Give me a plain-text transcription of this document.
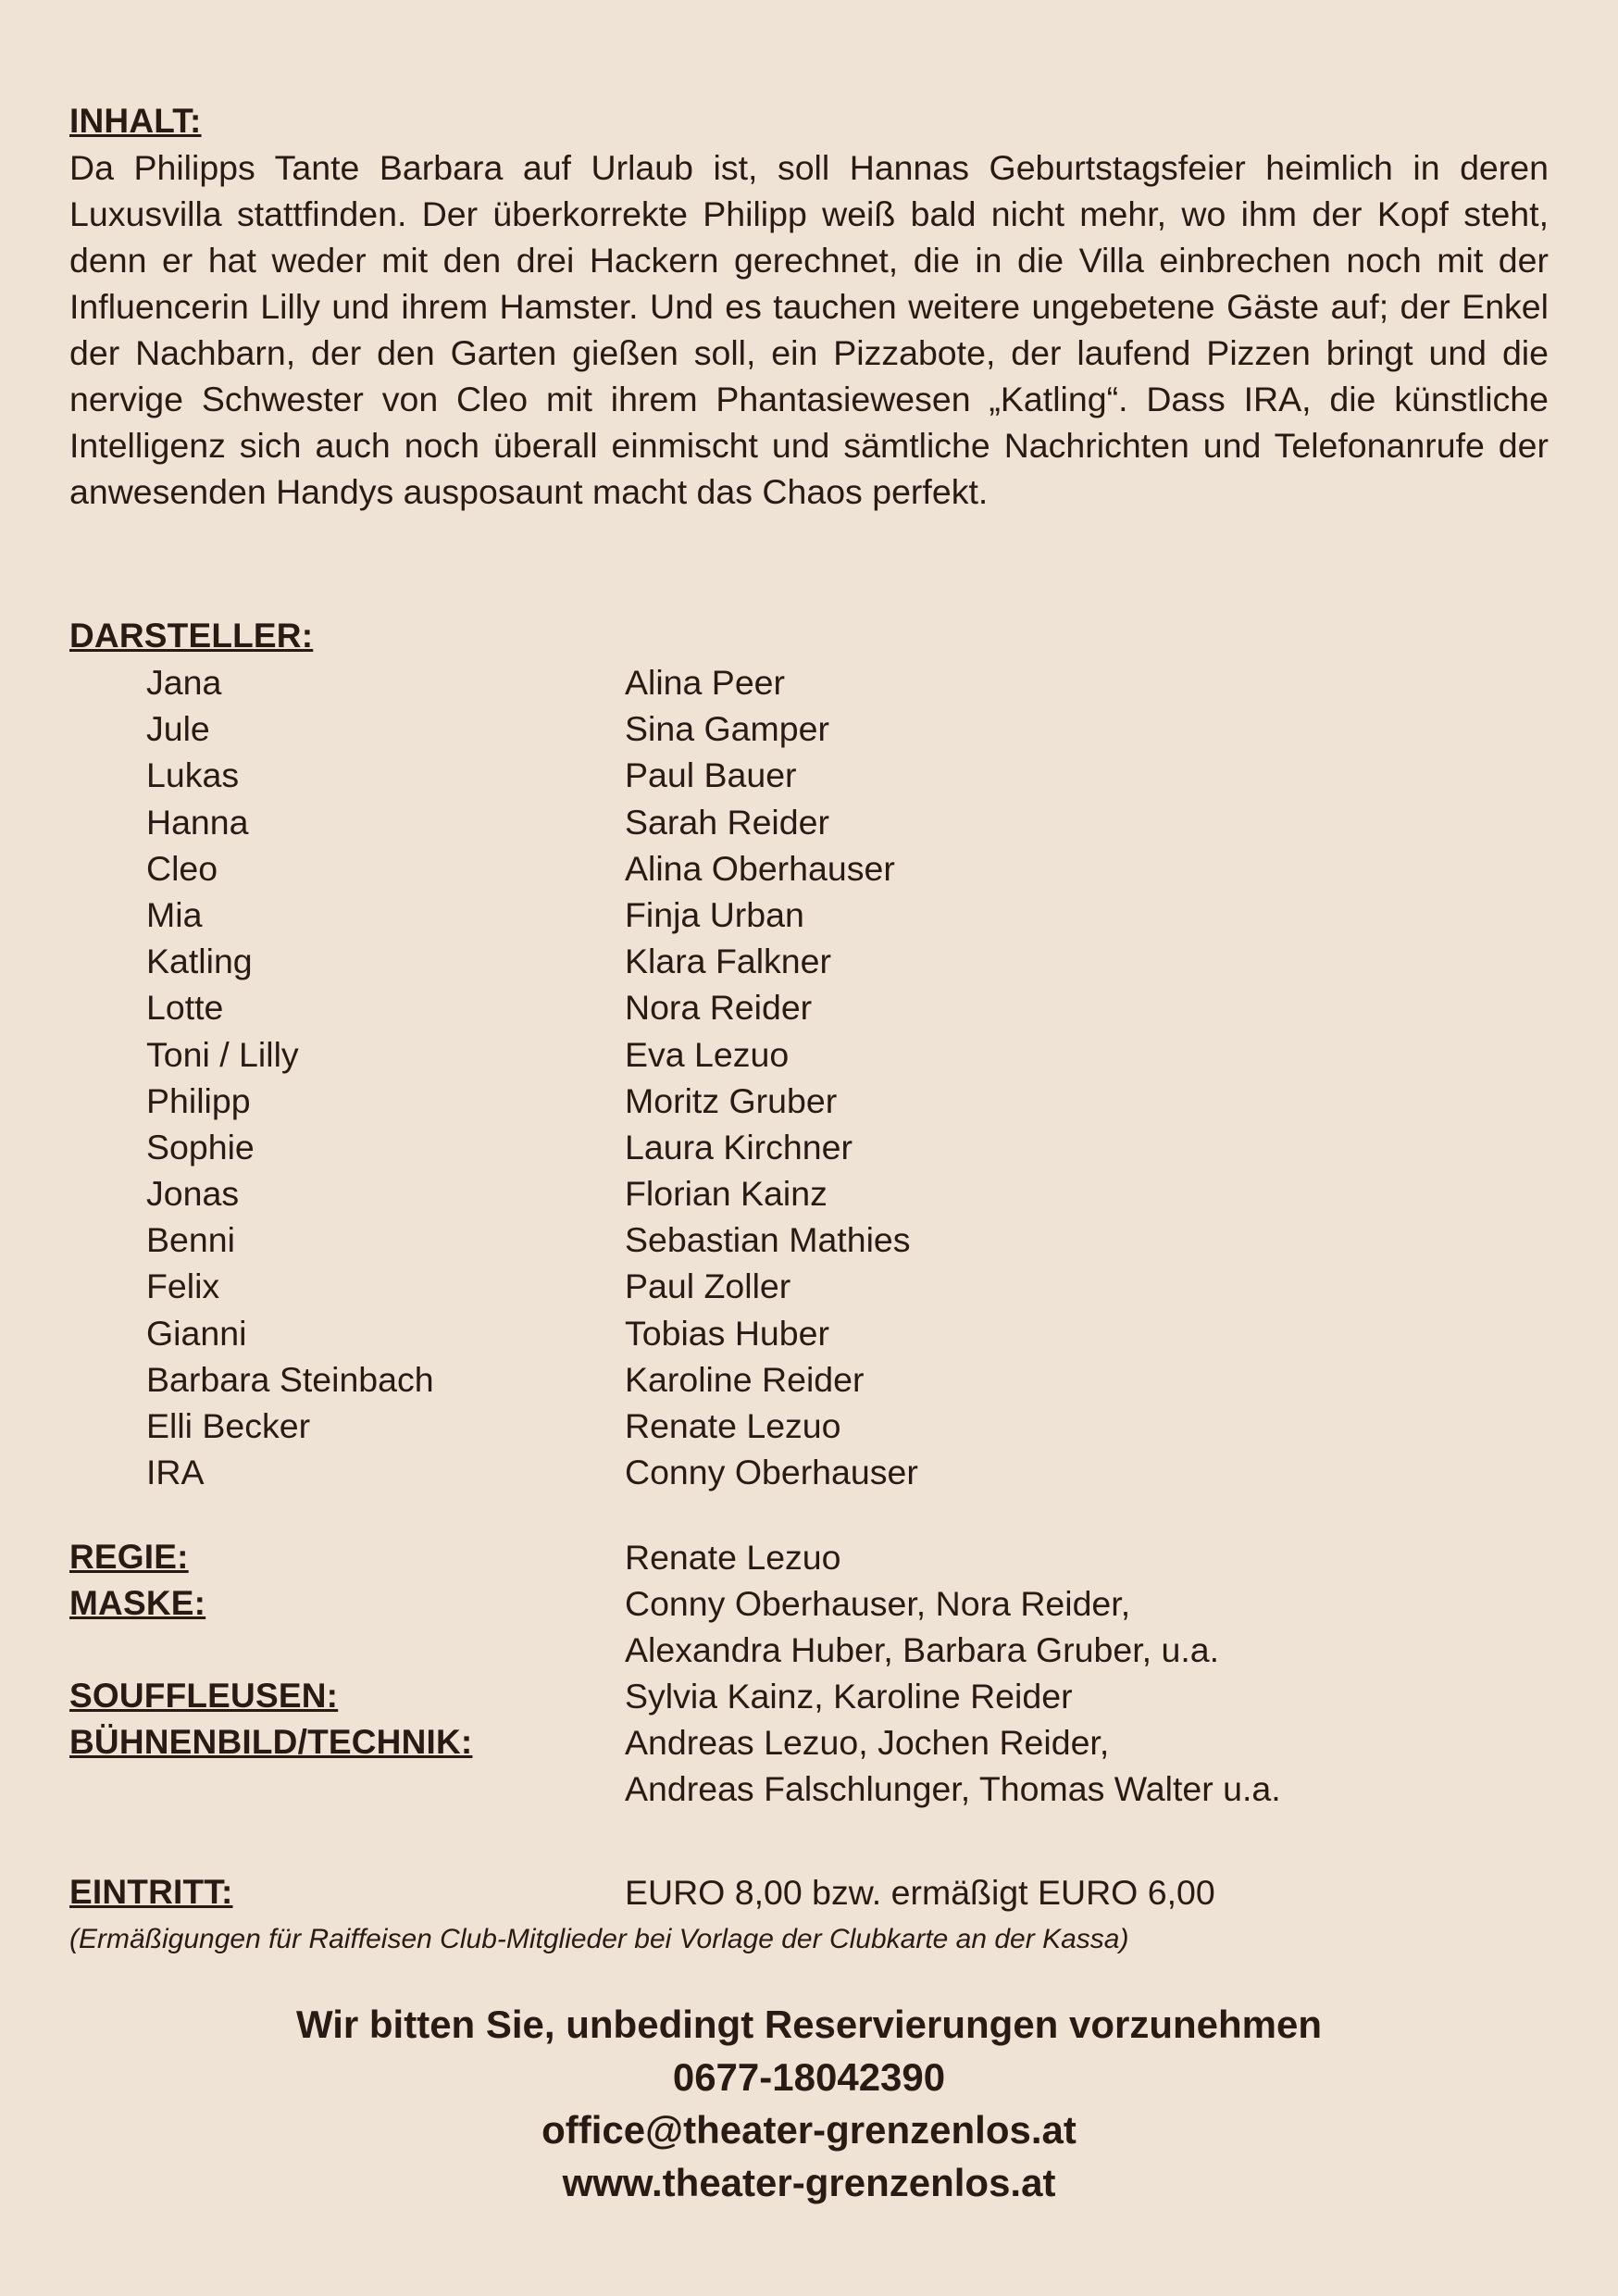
INHALT:

Da Philipps Tante Barbara auf Urlaub ist, soll Hannas Geburtstagsfeier heimlich in deren Luxusvilla stattfinden. Der überkorrekte Philipp weiß bald nicht mehr, wo ihm der Kopf steht, denn er hat weder mit den drei Hackern gerechnet, die in die Villa einbrechen noch mit der Influencerin Lilly und ihrem Hamster. Und es tauchen weitere ungebetene Gäste auf; der Enkel der Nachbarn, der den Garten gießen soll, ein Pizzabote, der laufend Pizzen bringt und die nervige Schwester von Cleo mit ihrem Phantasiewesen „Katling“. Dass IRA, die künstliche Intelligenz sich auch noch überall einmischt und sämtliche Nachrichten und Telefonanrufe der anwesenden Handys ausposaunt macht das Chaos perfekt.

DARSTELLER:
Jana	Alina Peer
Jule	Sina Gamper
Lukas	Paul Bauer
Hanna	Sarah Reider
Cleo	Alina Oberhauser
Mia	Finja Urban
Katling	Klara Falkner
Lotte	Nora Reider
Toni / Lilly	Eva Lezuo
Philipp	Moritz Gruber
Sophie	Laura Kirchner
Jonas	Florian Kainz
Benni	Sebastian Mathies
Felix	Paul Zoller
Gianni	Tobias Huber
Barbara Steinbach	Karoline Reider
Elli Becker	Renate Lezuo
IRA	Conny Oberhauser
REGIE:	Renate Lezuo
MASKE:	Conny Oberhauser, Nora Reider,
Alexandra Huber, Barbara Gruber, u.a.
SOUFFLEUSEN:	Sylvia Kainz, Karoline Reider
BÜHNENBILD/TECHNIK:	Andreas Lezuo, Jochen Reider,
Andreas Falschlunger, Thomas Walter u.a.
EINTRITT:	EURO 8,00 bzw. ermäßigt EURO 6,00
(Ermäßigungen für Raiffeisen Club-Mitglieder bei Vorlage der Clubkarte an der Kassa)
Wir bitten Sie, unbedingt Reservierungen vorzunehmen
0677-18042390
office@theater-grenzenlos.at
www.theater-grenzenlos.at
